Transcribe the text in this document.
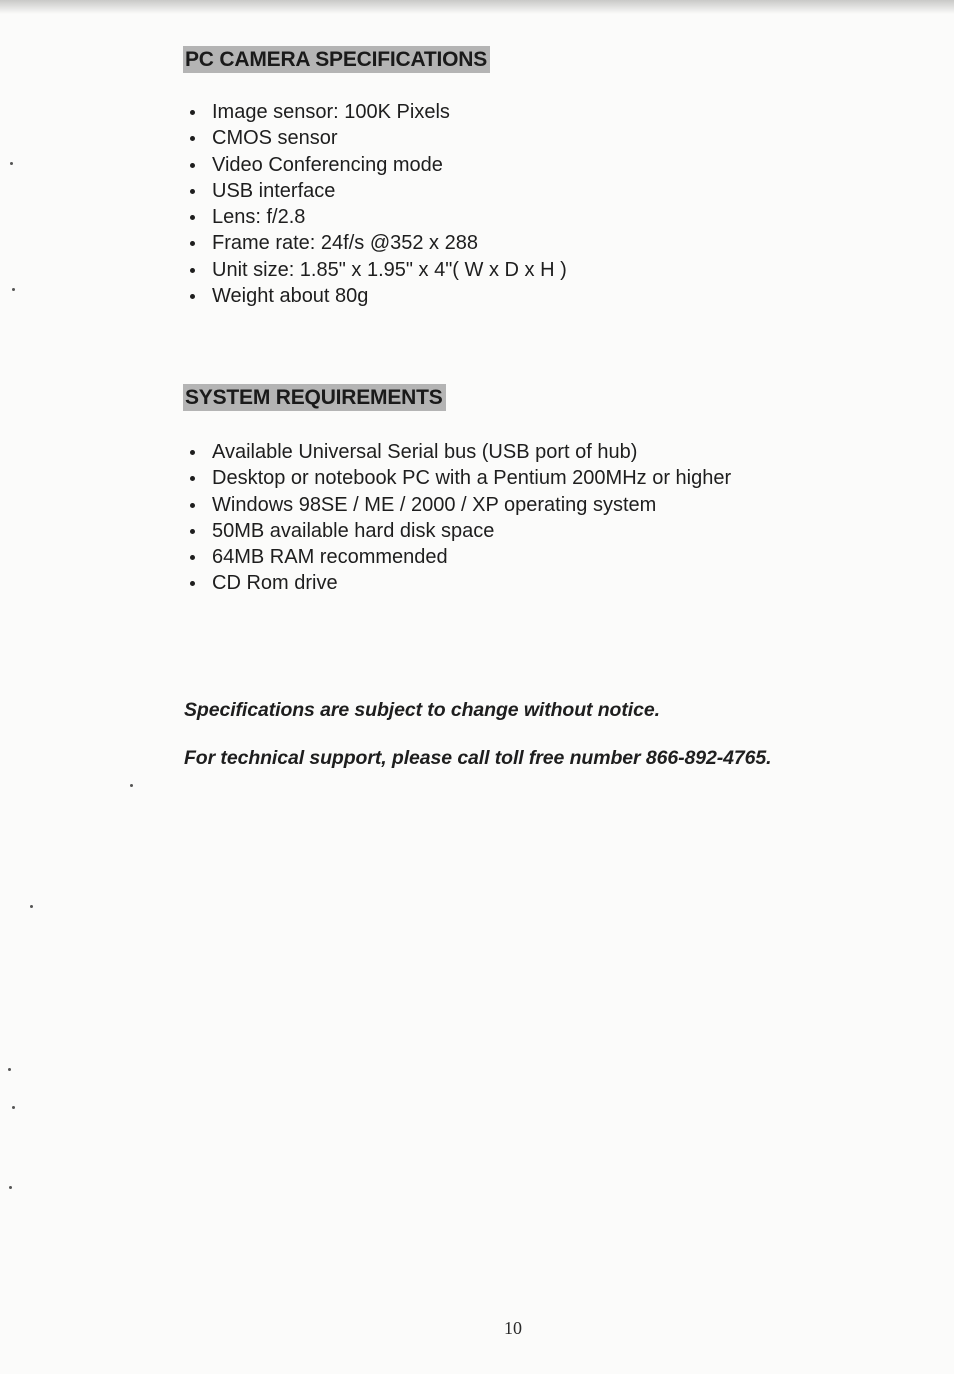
PC CAMERA SPECIFICATIONS
Image sensor: 100K Pixels
CMOS sensor
Video Conferencing mode
USB interface
Lens: f/2.8
Frame rate: 24f/s @352 x 288
Unit size: 1.85" x 1.95" x 4"( W x D x H )
Weight about 80g
SYSTEM REQUIREMENTS
Available Universal Serial bus (USB port of hub)
Desktop or notebook PC with a Pentium 200MHz or higher
Windows 98SE / ME / 2000 / XP operating system
50MB available hard disk space
64MB RAM recommended
CD Rom drive
Specifications are subject to change without notice.
For technical support, please call toll free number 866-892-4765.
10
